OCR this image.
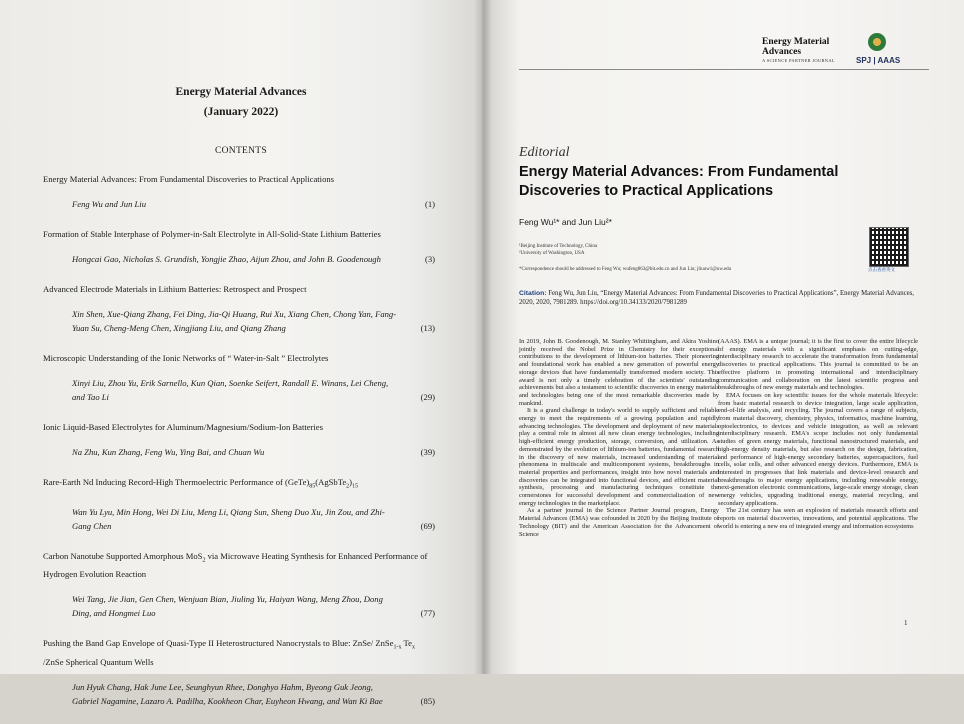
Energy Material Advances
(January 2022)
CONTENTS

Energy Material Advances: From Fundamental Discoveries to Practical Applications

Feng Wu and Jun Liu	(1)

Formation of Stable Interphase of Polymer-in-Salt Electrolyte in All-Solid-State Lithium Batteries

Hongcai Gao, Nicholas S. Grundish, Yongjie Zhao, Aijun Zhou, and John B. Goodenough	(3)

Advanced Electrode Materials in Lithium Batteries: Retrospect and Prospect

Xin Shen, Xue-Qiang Zhang, Fei Ding, Jia-Qi Huang, Rui Xu, Xiang Chen, Chong Yan, Fang-Yuan Su, Cheng-Meng Chen, Xingjiang Liu, and Qiang Zhang	(13)

Microscopic Understanding of the Ionic Networks of “ Water-in-Salt ” Electrolytes

Xinyi Liu, Zhou Yu, Erik Sarnello, Kun Qian, Soenke Seifert, Randall E. Winans, Lei Cheng, and Tao Li	(29)

Ionic Liquid-Based Electrolytes for Aluminum/Magnesium/Sodium-Ion Batteries

Na Zhu, Kun Zhang, Feng Wu, Ying Bai, and Chuan Wu	(39)

Rare-Earth Nd Inducing Record-High Thermoelectric Performance of $(GeTe)_{85}(AgSbTe_2)_{15}$

Wan Yu Lyu, Min Hong, Wei Di Liu, Meng Li, Qiang Sun, Sheng Duo Xu, Jin Zou, and Zhi-Gang Chen	(69)

Carbon Nanotube Supported Amorphous MoS$_2$ via Microwave Heating Synthesis for Enhanced Performance of Hydrogen Evolution Reaction

Wei Tang, Jie Jian, Gen Chen, Wenjuan Bian, Jiuling Yu, Haiyan Wang, Meng Zhou, Dong Ding, and Hongmei Luo	(77)

Pushing the Band Gap Envelope of Quasi-Type II Heterostructured Nanocrystals to Blue: ZnSe/ ZnSe$_{1-x}$ $Te_x$ /ZnSe Spherical Quantum Wells

Jun Hyuk Chang, Hak June Lee, Seunghyun Rhee, Donghyo Hahm, Byeong Guk Jeong, Gabriel Nagamine, Lazaro A. Padilha, Kookheon Char, Euyheon Hwang, and Wan Ki Bae	(85)
Energy Material
Advances
A SCIENCE PARTNER JOURNAL	SPJ | AAAS
Editorial
Energy Material Advances: From Fundamental Discoveries to Practical Applications
Feng Wu¹* and Jun Liu²*
¹Beijing Institute of Technology, China
²University of Washington, USA
*Correspondence should be addressed to Feng Wu; wufeng863@bit.edu.cn and Jun Liu; jliuuw1@uw.edu	点击查看英文
Citation: Feng Wu, Jun Liu, “Energy Material Advances: From Fundamental Discoveries to Practical Applications”, Energy Material Advances, 2020, 2020, 7981289. https://doi.org/10.34133/2020/7981289

In 2019, John B. Goodenough, M. Stanley Whittingham, and Akira Yoshino jointly received the Nobel Prize in Chemistry for their exceptional contributions to the development of lithium-ion batteries. Their pioneering and foundational work has enabled a new generation of powerful energy storage devices that have fundamentally transformed modern society. This award is not only a timely celebration of the scientists' outstanding achievements but also a testament to scientific discoveries in energy materials and technologies being one of the most remarkable discoveries made by mankind.

It is a grand challenge in today's world to supply sufficient and reliable energy to meet the requirements of a growing population and rapidly advancing technologies. The development and deployment of new materials play a central role in almost all new clean energy technologies, including high-efficient energy production, storage, conversion, and utilization. As demonstrated by the evolution of lithium-ion batteries, fundamental research in the discovery of new materials, increased understanding of material phenomena in multiscale and multicomponent systems, breakthroughs in material properties and performances, insight into how novel materials and discoveries can be integrated into functional devices, and efficient material synthesis, processing and manufacturing techniques constitute the cornerstones for successful development and commercialization of new energy technologies in the marketplace.

As a partner journal in the Science Partner Journal program, Energy Material Advances (EMA) was cofounded in 2020 by the Beijing Institute of Technology (BIT) and the American Association for the Advancement of Science

(AAAS). EMA is a unique journal; it is the first to cover the entire lifecycle of energy materials with a significant emphasis on cutting-edge, interdisciplinary research to accelerate the transformation from fundamental discoveries to practical applications. This journal is committed to be an effective platform in promoting international and interdisciplinary communication and collaboration on the latest scientific progress and breakthroughs of new energy materials and technologies.

EMA focuses on key scientific issues for the whole materials lifecycle: from basic material research to device integration, large scale application, end-of-life analysis, and recycling. The journal covers a range of subjects, from material discovery, chemistry, physics, informatics, machine learning, optoelectronics, to devices and vehicle integration, as well as relevant interdisciplinary research. EMA's scope includes not only fundamental studies of green energy materials, functional nanostructured materials, and high-energy density materials, but also research on the design, fabrication, and performance of high-energy secondary batteries, supercapacitors, fuel cells, solar cells, and other advanced energy devices. Furthermore, EMA is interested in progresses that link materials and device-level research and breakthroughs to major energy applications, including renewable energy, next-generation electronic communications, large-scale energy storage, clean energy vehicles, upgrading traditional energy, material recycling, and secondary applications.

The 21st century has seen an explosion of materials research efforts and reports on material discoveries, innovations, and potential applications. The world is entering a new era of integrated energy and information ecosystems

1
